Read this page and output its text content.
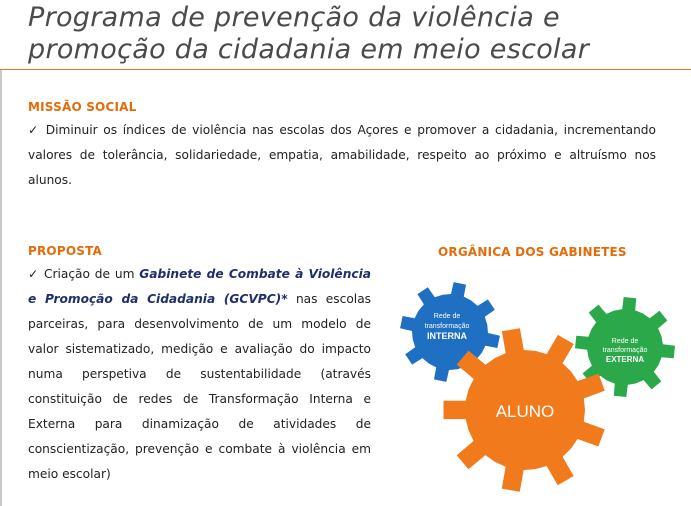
Programa de prevenção da violência e
promoção da cidadania em meio escolar
MISSÃO SOCIAL
✓ Diminuir os índices de violência nas escolas dos Açores e promover a cidadania, incrementando valores de tolerância, solidariedade, empatia, amabilidade, respeito ao próximo e altruísmo nos alunos.
PROPOSTA
✓ Criação de um Gabinete de Combate à Violência e Promoção da Cidadania (GCVPC)* nas escolas parceiras, para desenvolvimento de um modelo de valor sistematizado, medição e avaliação do impacto numa perspetiva de sustentabilidade (através constituição de redes de Transformação Interna e Externa para dinamização de atividades de conscientização, prevenção e combate à violência em meio escolar)
ORGÂNICA DOS GABINETES
Rede de
transformação
INTERNA
Rede de
transformação
EXTERNA
ALUNO
